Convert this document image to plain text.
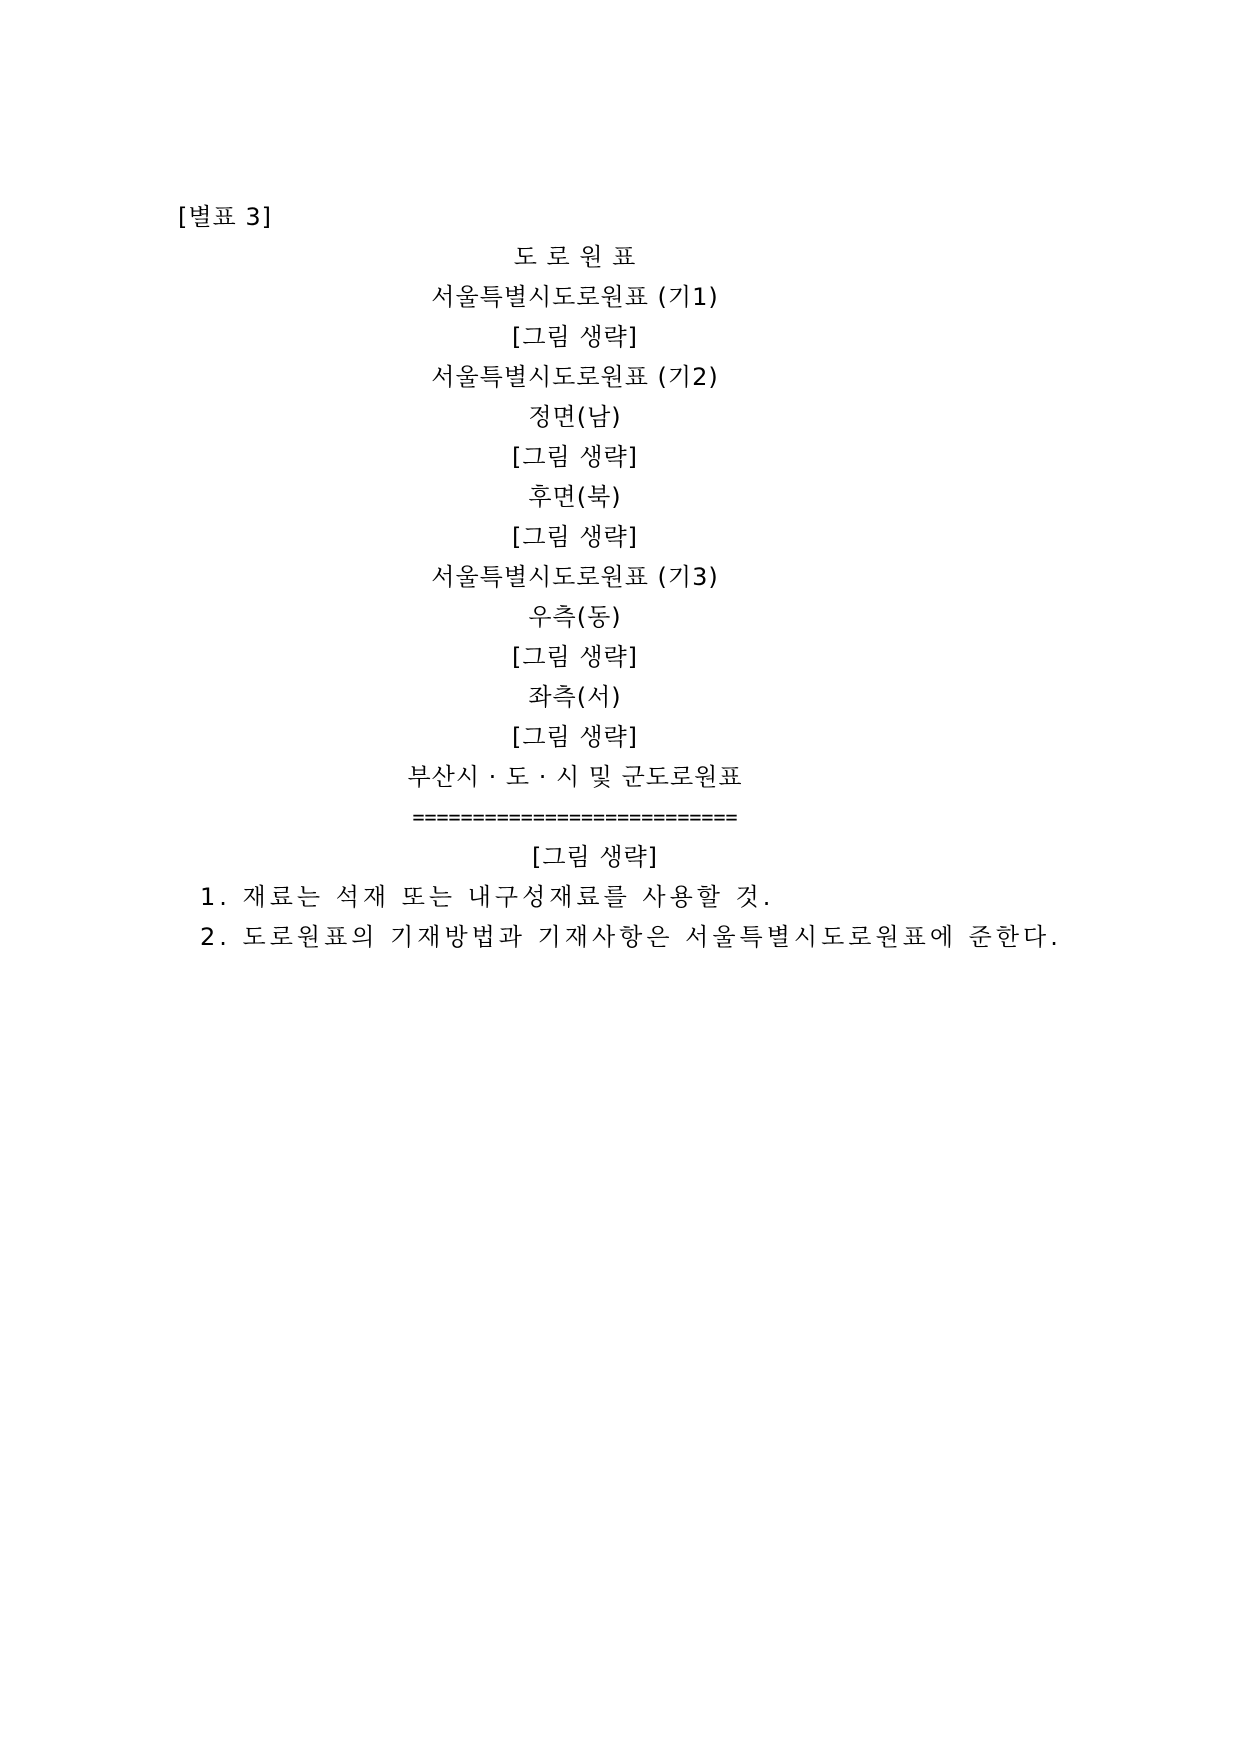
[별표 3]
도 로 원 표
서울특별시도로원표 (기1)
[그림 생략]
서울특별시도로원표 (기2)
정면(남)
[그림 생략]
후면(북)
[그림 생략]
서울특별시도로원표 (기3)
우측(동)
[그림 생략]
좌측(서)
[그림 생략]
부산시 · 도 · 시 및 군도로원표
===========================
[그림 생략]
1. 재료는 석재 또는 내구성재료를 사용할 것.
2. 도로원표의 기재방법과 기재사항은 서울특별시도로원표에 준한다.
